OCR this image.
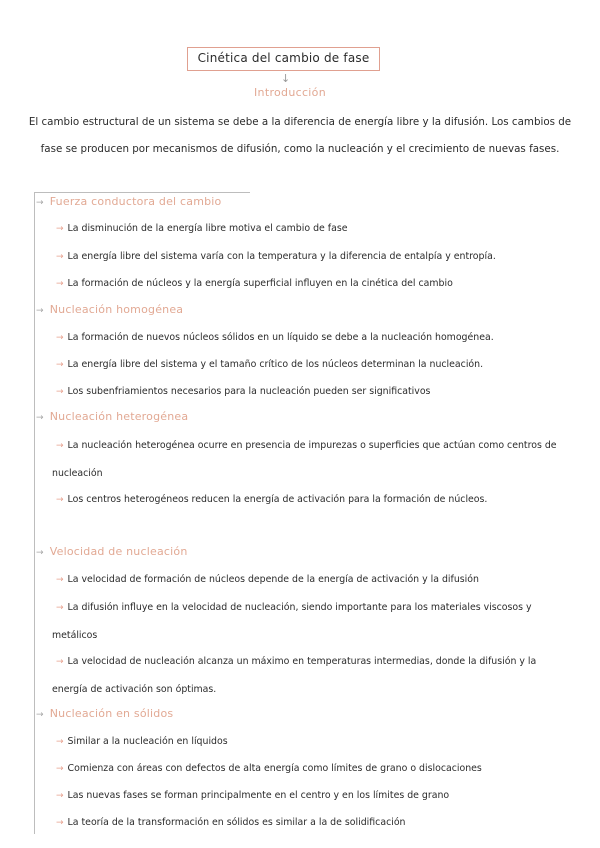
Cinética del cambio de fase
↓
Introducción
El cambio estructural de un sistema se debe a la diferencia de energía libre y la difusión. Los cambios de fase se producen por mecanismos de difusión, como la nucleación y el crecimiento de nuevas fases.
→ Fuerza conductora del cambio
→ La disminución de la energía libre motiva el cambio de fase
→ La energía libre del sistema varía con la temperatura y la diferencia de entalpía y entropía.
→ La formación de núcleos y la energía superficial influyen en la cinética del cambio
→ Nucleación homogénea
→ La formación de nuevos núcleos sólidos en un líquido se debe a la nucleación homogénea.
→ La energía libre del sistema y el tamaño crítico de los núcleos determinan la nucleación.
→ Los subenfriamientos necesarios para la nucleación pueden ser significativos
→ Nucleación heterogénea
→ La nucleación heterogénea ocurre en presencia de impurezas o superficies que actúan como centros de nucleación
→ Los centros heterogéneos reducen la energía de activación para la formación de núcleos.
→ Velocidad de nucleación
→ La velocidad de formación de núcleos depende de la energía de activación y la difusión
→ La difusión influye en la velocidad de nucleación, siendo importante para los materiales viscosos y metálicos
→ La velocidad de nucleación alcanza un máximo en temperaturas intermedias, donde la difusión y la energía de activación son óptimas.
→ Nucleación en sólidos
→ Similar a la nucleación en líquidos
→ Comienza con áreas con defectos de alta energía como límites de grano o dislocaciones
→ Las nuevas fases se forman principalmente en el centro y en los límites de grano
→ La teoría de la transformación en sólidos es similar a la de solidificación
